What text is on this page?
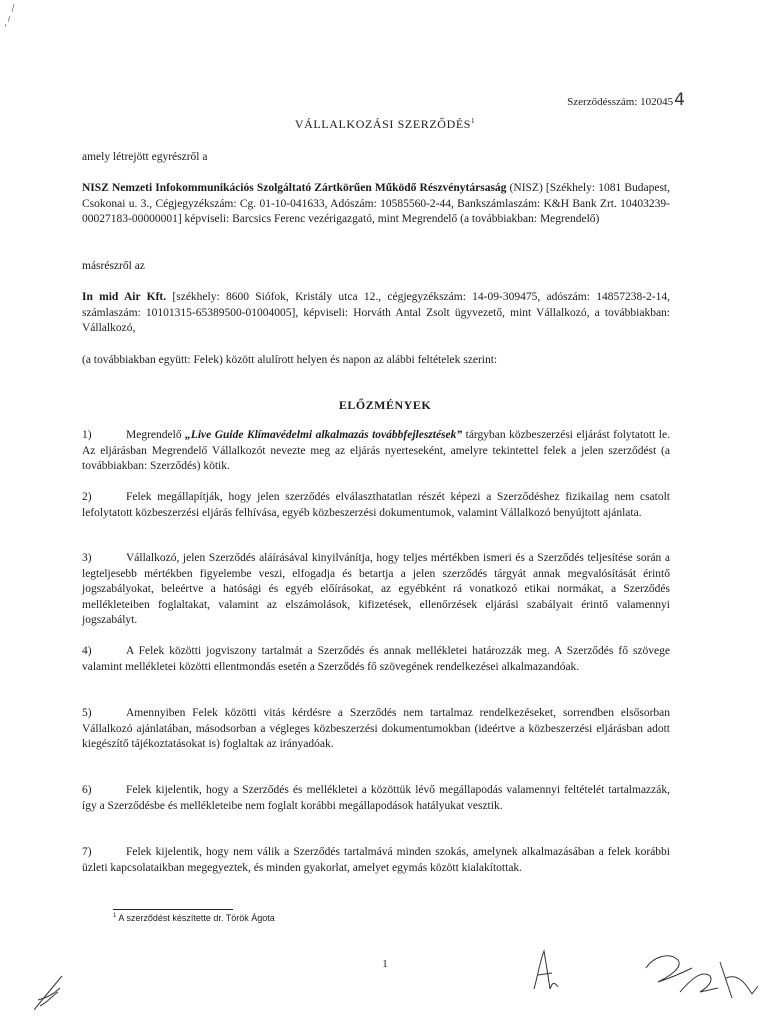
Szerződésszám: 1020454
VÁLLALKOZÁSI SZERZŐDÉS$^1$
amely létrejött egyrészről a
NISZ Nemzeti Infokommunikációs Szolgáltató Zártkörűen Működő Részvénytársaság (NISZ) [Székhely: 1081 Budapest, Csokonai u. 3., Cégjegyzékszám: Cg. 01-10-041633, Adószám: 10585560-2-44, Bankszámlaszám: K&H Bank Zrt. 10403239-00027183-00000001] képviseli: Barcsics Ferenc vezérigazgató, mint Megrendelő (a továbbiakban: Megrendelő)
másrészről az
In mid Air Kft. [székhely: 8600 Siófok, Kristály utca 12., cégjegyzékszám: 14-09-309475, adószám: 14857238-2-14, számlaszám: 10101315-65389500-01004005], képviseli: Horváth Antal Zsolt ügyvezető, mint Vállalkozó, a továbbiakban: Vállalkozó,
(a továbbiakban együtt: Felek) között alulírott helyen és napon az alábbi feltételek szerint:
ELŐZMÉNYEK
1)	Megrendelő „Live Guide Klímavédelmi alkalmazás továbbfejlesztések” tárgyban közbeszerzési eljárást folytatott le. Az eljárásban Megrendelő Vállalkozót nevezte meg az eljárás nyerteseként, amelyre tekintettel felek a jelen szerződést (a továbbiakban: Szerződés) kötik.
2)	Felek megállapítják, hogy jelen szerződés elválaszthatatlan részét képezi a Szerződéshez fizikailag nem csatolt lefolytatott közbeszerzési eljárás felhívása, egyéb közbeszerzési dokumentumok, valamint Vállalkozó benyújtott ajánlata.
3)	Vállalkozó, jelen Szerződés aláírásával kinyilvánítja, hogy teljes mértékben ismeri és a Szerződés teljesítése során a legteljesebb mértékben figyelembe veszi, elfogadja és betartja a jelen szerződés tárgyát annak megvalósítását érintő jogszabályokat, beleértve a hatósági és egyéb előírásokat, az egyébként rá vonatkozó etikai normákat, a Szerződés mellékleteiben foglaltakat, valamint az elszámolások, kifizetések, ellenőrzések eljárási szabályait érintő valamennyi jogszabályt.
4)	A Felek közötti jogviszony tartalmát a Szerződés és annak mellékletei határozzák meg. A Szerződés fő szövege valamint mellékletei közötti ellentmondás esetén a Szerződés fő szövegének rendelkezései alkalmazandóak.
5)	Amennyiben Felek közötti vitás kérdésre a Szerződés nem tartalmaz rendelkezéseket, sorrendben elsősorban Vállalkozó ajánlatában, másodsorban a végleges közbeszerzési dokumentumokban (ideértve a közbeszerzési eljárásban adott kiegészítő tájékoztatásokat is) foglaltak az irányadóak.
6)	Felek kijelentik, hogy a Szerződés és mellékletei a közöttük lévő megállapodás valamennyi feltételét tartalmazzák, így a Szerződésbe és mellékleteibe nem foglalt korábbi megállapodások hatályukat vesztik.
7)	Felek kijelentik, hogy nem válik a Szerződés tartalmává minden szokás, amelynek alkalmazásában a felek korábbi üzleti kapcsolataikban megegyeztek, és minden gyakorlat, amelyet egymás között kialakítottak.
$^1$ A szerződést készítette dr. Török Ágota
1
